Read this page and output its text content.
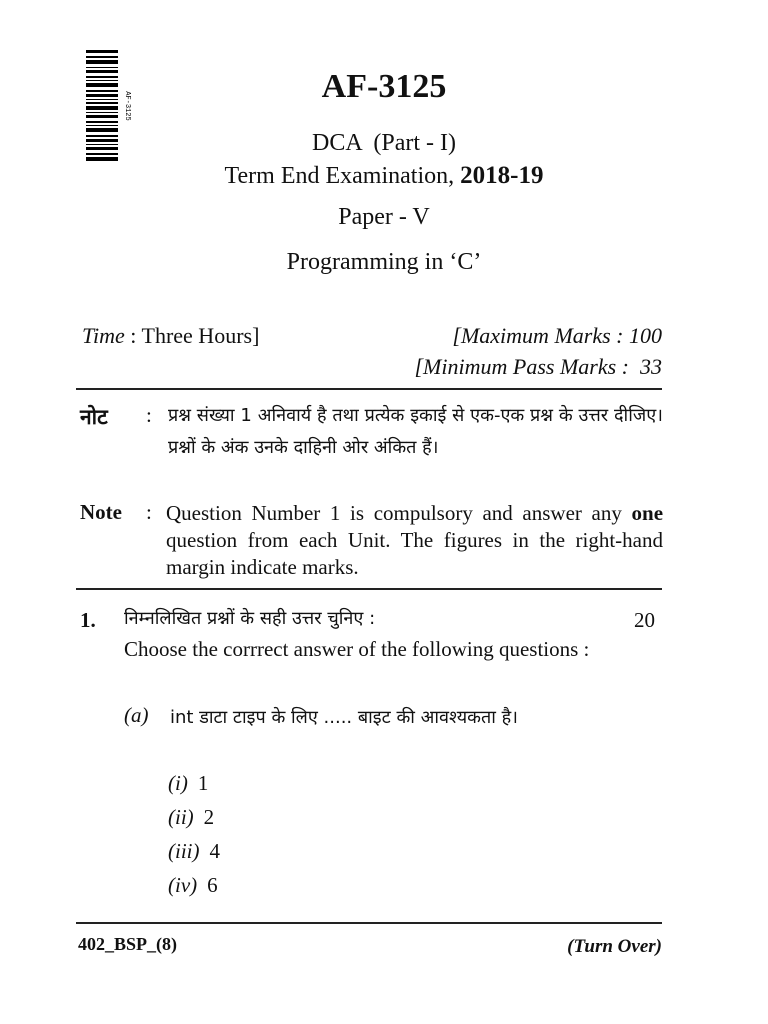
AF-3125
AF-3125
DCA  (Part - I)
Term End Examination, 2018-19
Paper - V
Programming in ‘C’
Time : Three Hours]	[Maximum Marks : 100
[Minimum Pass Marks :  33
नोट : प्रश्न संख्या 1 अनिवार्य है तथा प्रत्येक इकाई से एक-एक प्रश्न के उत्तर दीजिए। प्रश्नों के अंक उनके दाहिनी ओर अंकित हैं।
Note : Question Number 1 is compulsory and answer any one question from each Unit. The figures in the right-hand margin indicate marks.
1. निम्नलिखित प्रश्नों के सही उत्तर चुनिए :	20
Choose the corrrect answer of the following questions :
(a) int डाटा टाइप के लिए ..... बाइट की आवश्यकता है।
(i) 1
(ii) 2
(iii) 4
(iv) 6
402_BSP_(8)	(Turn Over)
